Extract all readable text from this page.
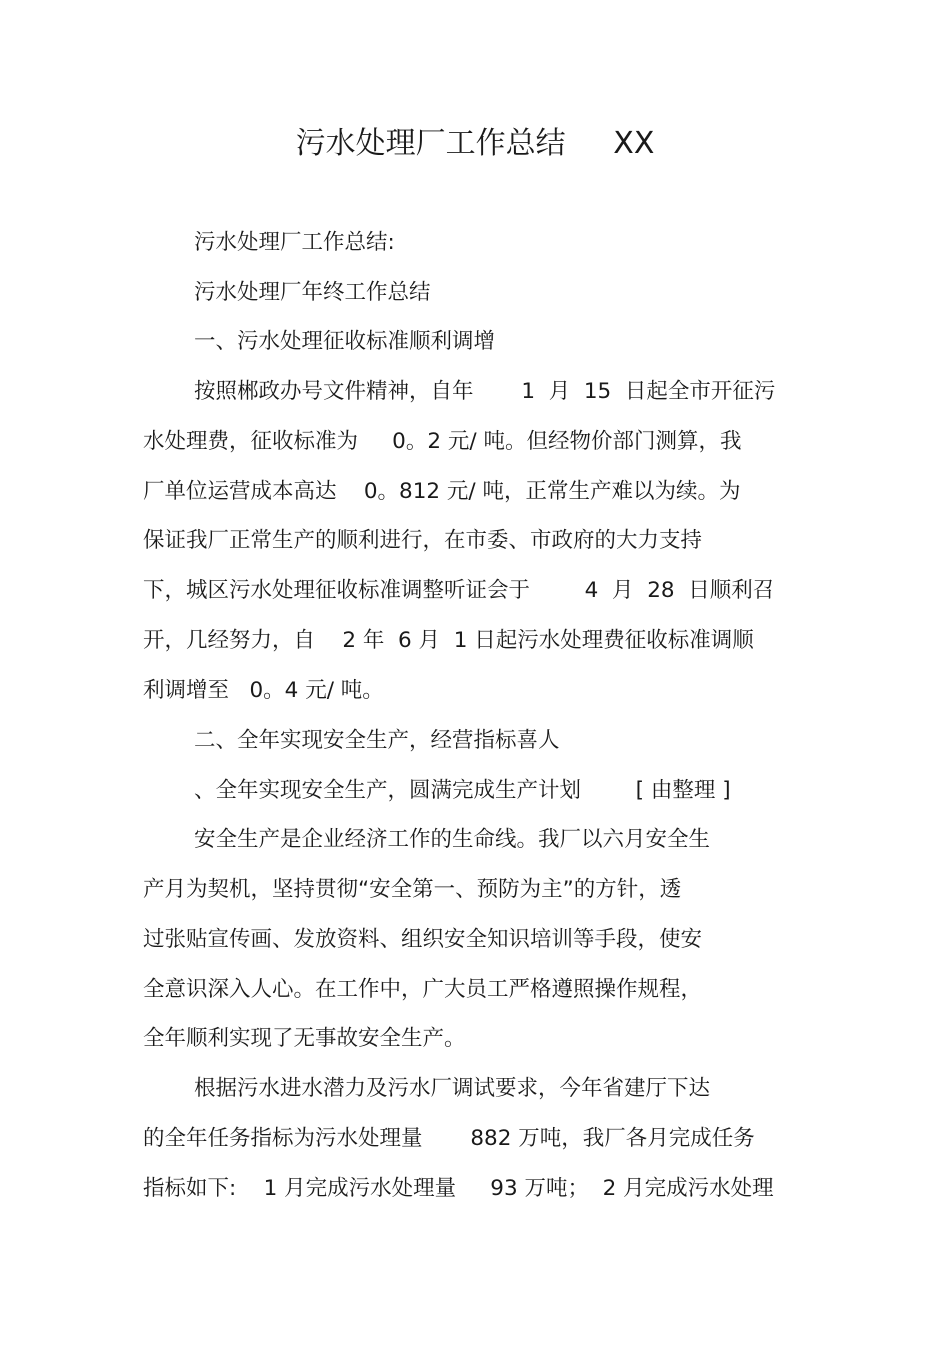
污水处理厂工作总结     XX
污水处理厂工作总结:
污水处理厂年终工作总结
一、污水处理征收标准顺利调增
按照郴政办号文件精神，自年       1  月  15  日起全市开征污
水处理费，征收标准为     0。2 元/ 吨。但经物价部门测算，我
厂单位运营成本高达    0。812 元/ 吨，正常生产难以为续。为
保证我厂正常生产的顺利进行，在市委、市政府的大力支持
下，城区污水处理征收标准调整听证会于        4  月  28  日顺利召
开，几经努力，自    2 年  6 月  1 日起污水处理费征收标准调顺
利调增至   0。4 元/ 吨。
二、全年实现安全生产，经营指标喜人
、全年实现安全生产，圆满完成生产计划        [ 由整理 ]
安全生产是企业经济工作的生命线。我厂以六月安全生
产月为契机，坚持贯彻“安全第一、预防为主”的方针，透
过张贴宣传画、发放资料、组织安全知识培训等手段，使安
全意识深入人心。在工作中，广大员工严格遵照操作规程，
全年顺利实现了无事故安全生产。
根据污水进水潜力及污水厂调试要求，今年省建厅下达
的全年任务指标为污水处理量       882 万吨，我厂各月完成任务
指标如下:    1 月完成污水处理量     93 万吨；  2 月完成污水处理
